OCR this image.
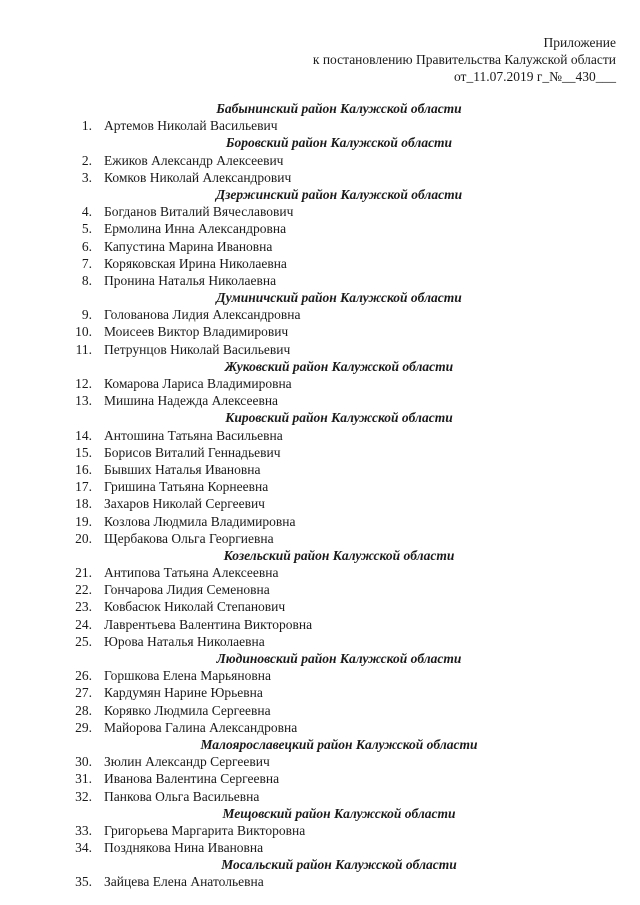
Приложение
к постановлению Правительства Калужской области
от_11.07.2019 г_№__430___
Бабынинский район Калужской области
1. Артемов Николай Васильевич
Боровский район Калужской области
2. Ежиков Александр Алексеевич
3. Комков Николай Александрович
Дзержинский район Калужской области
4. Богданов Виталий Вячеславович
5. Ермолина Инна Александровна
6. Капустина Марина Ивановна
7. Коряковская Ирина Николаевна
8. Пронина Наталья Николаевна
Думиничский район Калужской области
9. Голованова Лидия Александровна
10. Моисеев Виктор Владимирович
11. Петрунцов Николай Васильевич
Жуковский район Калужской области
12. Комарова Лариса Владимировна
13. Мишина Надежда Алексеевна
Кировский район Калужской области
14. Антошина Татьяна Васильевна
15. Борисов Виталий Геннадьевич
16. Бывших Наталья Ивановна
17. Гришина Татьяна Корнеевна
18. Захаров Николай Сергеевич
19. Козлова Людмила Владимировна
20. Щербакова Ольга Георгиевна
Козельский район Калужской области
21. Антипова Татьяна Алексеевна
22. Гончарова Лидия Семеновна
23. Ковбасюк Николай Степанович
24. Лаврентьева Валентина Викторовна
25. Юрова Наталья Николаевна
Людиновский район Калужской области
26. Горшкова Елена Марьяновна
27. Кардумян Нарине Юрьевна
28. Корявко Людмила Сергеевна
29. Майорова Галина Александровна
Малоярославецкий район Калужской области
30. Зюлин Александр Сергеевич
31. Иванова Валентина Сергеевна
32. Панкова Ольга Васильевна
Мещовский район Калужской области
33. Григорьева Маргарита Викторовна
34. Позднякова Нина Ивановна
Мосальский район Калужской области
35. Зайцева Елена Анатольевна
